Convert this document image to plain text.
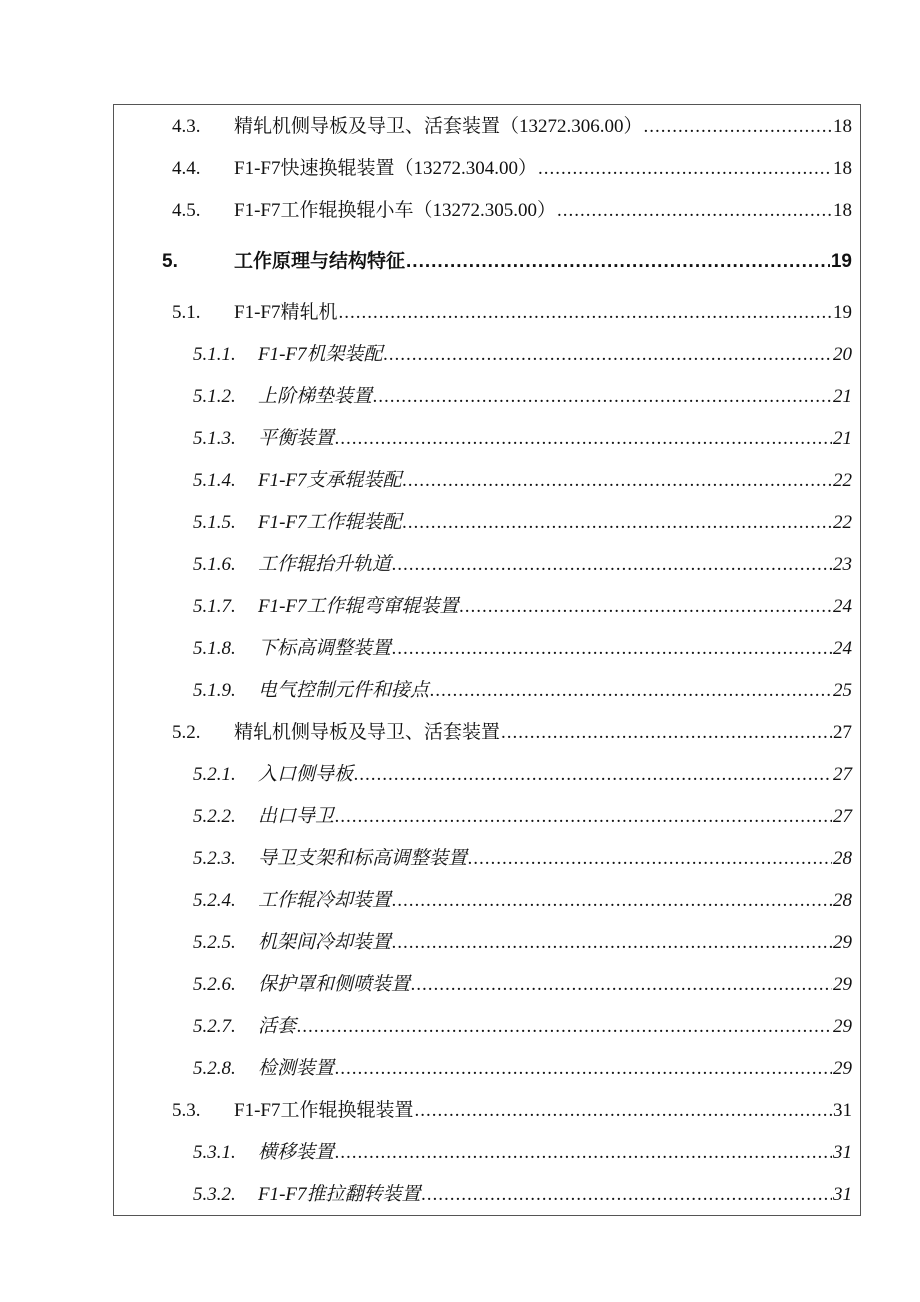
4.3.	精轧机侧导板及导卫、活套装置（13272.306.00） .....	18
4.4.	F1-F7快速换辊装置（13272.304.00） .....	18
4.5.	F1-F7工作辊换辊小车（13272.305.00） .....	18
5.	工作原理与结构特征 .....	19
5.1.	F1-F7精轧机 .....	19
5.1.1.	F1-F7机架装配 .....	20
5.1.2.	上阶梯垫装置 .....	21
5.1.3.	平衡装置 .....	21
5.1.4.	F1-F7支承辊装配 .....	22
5.1.5.	F1-F7工作辊装配 .....	22
5.1.6.	工作辊抬升轨道 .....	23
5.1.7.	F1-F7工作辊弯窜辊装置 .....	24
5.1.8.	下标高调整装置 .....	24
5.1.9.	电气控制元件和接点 .....	25
5.2.	精轧机侧导板及导卫、活套装置 .....	27
5.2.1.	入口侧导板 .....	27
5.2.2.	出口导卫 .....	27
5.2.3.	导卫支架和标高调整装置 .....	28
5.2.4.	工作辊冷却装置 .....	28
5.2.5.	机架间冷却装置 .....	29
5.2.6.	保护罩和侧喷装置 .....	29
5.2.7.	活套 .....	29
5.2.8.	检测装置 .....	29
5.3.	F1-F7工作辊换辊装置 .....	31
5.3.1.	横移装置 .....	31
5.3.2.	F1-F7推拉翻转装置 .....	31
